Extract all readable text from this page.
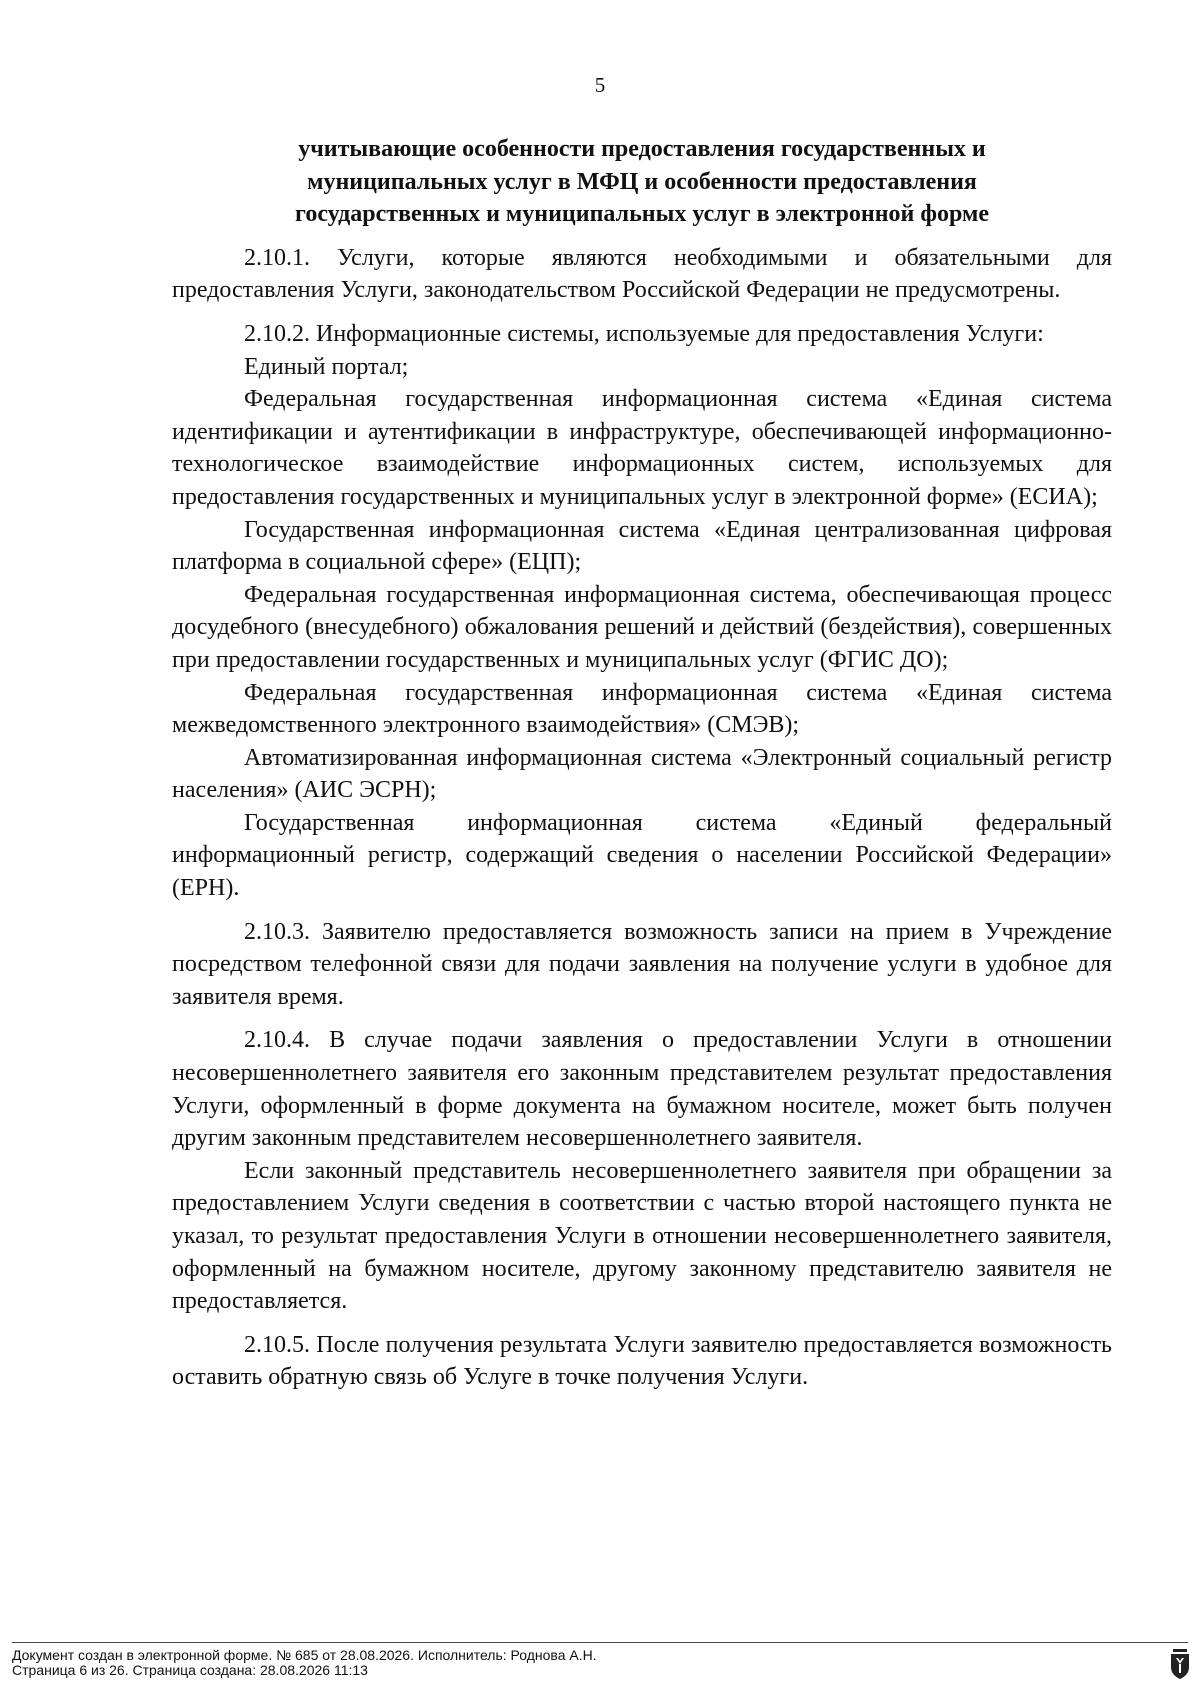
5
учитывающие особенности предоставления государственных и
муниципальных услуг в МФЦ и особенности предоставления
государственных и муниципальных услуг в электронной форме

2.10.1. Услуги, которые являются необходимыми и обязательными для предоставления Услуги, законодательством Российской Федерации не предусмотрены.

2.10.2. Информационные системы, используемые для предоставления Услуги:

Единый портал;

Федеральная государственная информационная система «Единая система идентификации и аутентификации в инфраструктуре, обеспечивающей информационно-технологическое взаимодействие информационных систем, используемых для предоставления государственных и муниципальных услуг в электронной форме» (ЕСИА);

Государственная информационная система «Единая централизованная цифровая платформа в социальной сфере» (ЕЦП);

Федеральная государственная информационная система, обеспечивающая процесс досудебного (внесудебного) обжалования решений и действий (бездействия), совершенных при предоставлении государственных и муниципальных услуг (ФГИС ДО);

Федеральная государственная информационная система «Единая система межведомственного электронного взаимодействия» (СМЭВ);

Автоматизированная информационная система «Электронный социальный регистр населения» (АИС ЭСРН);

Государственная информационная система «Единый федеральный информационный регистр, содержащий сведения о населении Российской Федерации» (ЕРН).

2.10.3. Заявителю предоставляется возможность записи на прием в Учреждение посредством телефонной связи для подачи заявления на получение услуги в удобное для заявителя время.

2.10.4. В случае подачи заявления о предоставлении Услуги в отношении несовершеннолетнего заявителя его законным представителем результат предоставления Услуги, оформленный в форме документа на бумажном носителе, может быть получен другим законным представителем несовершеннолетнего заявителя.

Если законный представитель несовершеннолетнего заявителя при обращении за предоставлением Услуги сведения в соответствии с частью второй настоящего пункта не указал, то результат предоставления Услуги в отношении несовершеннолетнего заявителя, оформленный на бумажном носителе, другому законному представителю заявителя не предоставляется.

2.10.5. После получения результата Услуги заявителю предоставляется возможность оставить обратную связь об Услуге в точке получения Услуги.

Документ создан в электронной форме. № 685 от 28.08.2026. Исполнитель: Роднова А.Н.
Страница 6 из 26. Страница создана: 28.08.2026 11:13
